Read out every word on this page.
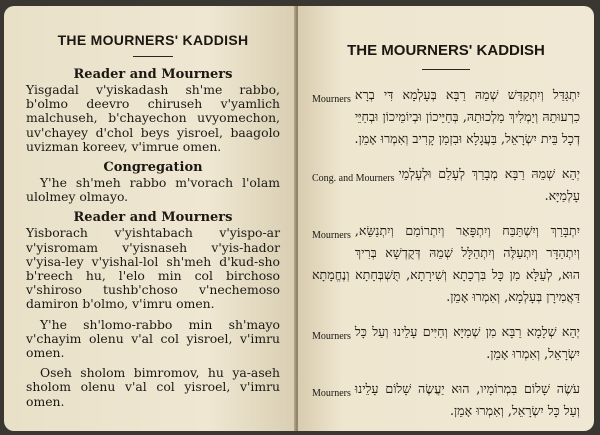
THE MOURNERS' KADDISH
Reader and Mourners

Yisgadal v'yiskadash sh'me rabbo, b'olmo deevro chiruseh v'yamlich malchuseh, b'chayechon uvyomechon, uv'chayey d'chol beys yisroel, baagolo uvizman koreev, v'imrue omen.

Congregation

Y'he sh'meh rabbo m'vorach l'olam ulolmey olmayo.

Reader and Mourners

Yisborach v'yishtabach v'yispo-ar v'yisromam v'yisnaseh v'yis-hador v'yisa-ley v'yishal-lol sh'meh d'kud-sho b'reech hu, l'elo min col birchoso v'shiroso tushb'choso v'nechemoso damiron b'olmo, v'imru omen.

Y'he sh'lomo-rabbo min sh'mayo v'chayim olenu v'al col yisroel, v'imru omen.

Oseh sholom bimromov, hu ya-aseh sholom olenu v'al col yisroel, v'imru omen.

THE MOURNERS' KADDISH

Mourners יִתְגַּדַּל וְיִתְקַדַּשׁ שְׁמֵהּ רַבָּא בְּעָלְמָא דִּי בְרָא כִרְעוּתֵהּ וְיַמְלִיךְ מַלְכוּתֵהּ, בְּחַיֵּיכוֹן וּבְיוֹמֵיכוֹן וּבְחַיֵּי דְכָל בֵּית יִשְׂרָאֵל, בַּעֲגָלָא וּבִזְמַן קָרִיב וְאִמְרוּ אָמֵן.

Cong. and Mourners יְהֵא שְׁמֵהּ רַבָּא מְבָרַךְ לְעָלַם וּלְעָלְמֵי עָלְמַיָּא.

Mourners יִתְבָּרַךְ וְיִשְׁתַּבַּח וְיִתְפָּאַר וְיִתְרוֹמַם וְיִתְנַשֵּׂא, וְיִתְהַדָּר וְיִתְעַלֶּה וְיִתְהַלָּל שְׁמֵהּ דְּקֻדְשָׁא בְּרִיךְ הוּא, לְעֵלָּא מִן כָּל בִּרְכָתָא וְשִׁירָתָא, תֻּשְׁבְּחָתָא וְנֶחֱמָתָא דַּאֲמִירָן בְּעָלְמָא, וְאִמְרוּ אָמֵן.

Mourners יְהֵא שְׁלָמָא רַבָּא מִן שְׁמַיָּא וְחַיִּים עָלֵינוּ וְעַל כָּל יִשְׂרָאֵל, וְאִמְרוּ אָמֵן.

Mourners עֹשֶׂה שָׁלוֹם בִּמְרוֹמָיו, הוּא יַעֲשֶׂה שָׁלוֹם עָלֵינוּ וְעַל כָּל יִשְׂרָאֵל, וְאִמְרוּ אָמֵן.
